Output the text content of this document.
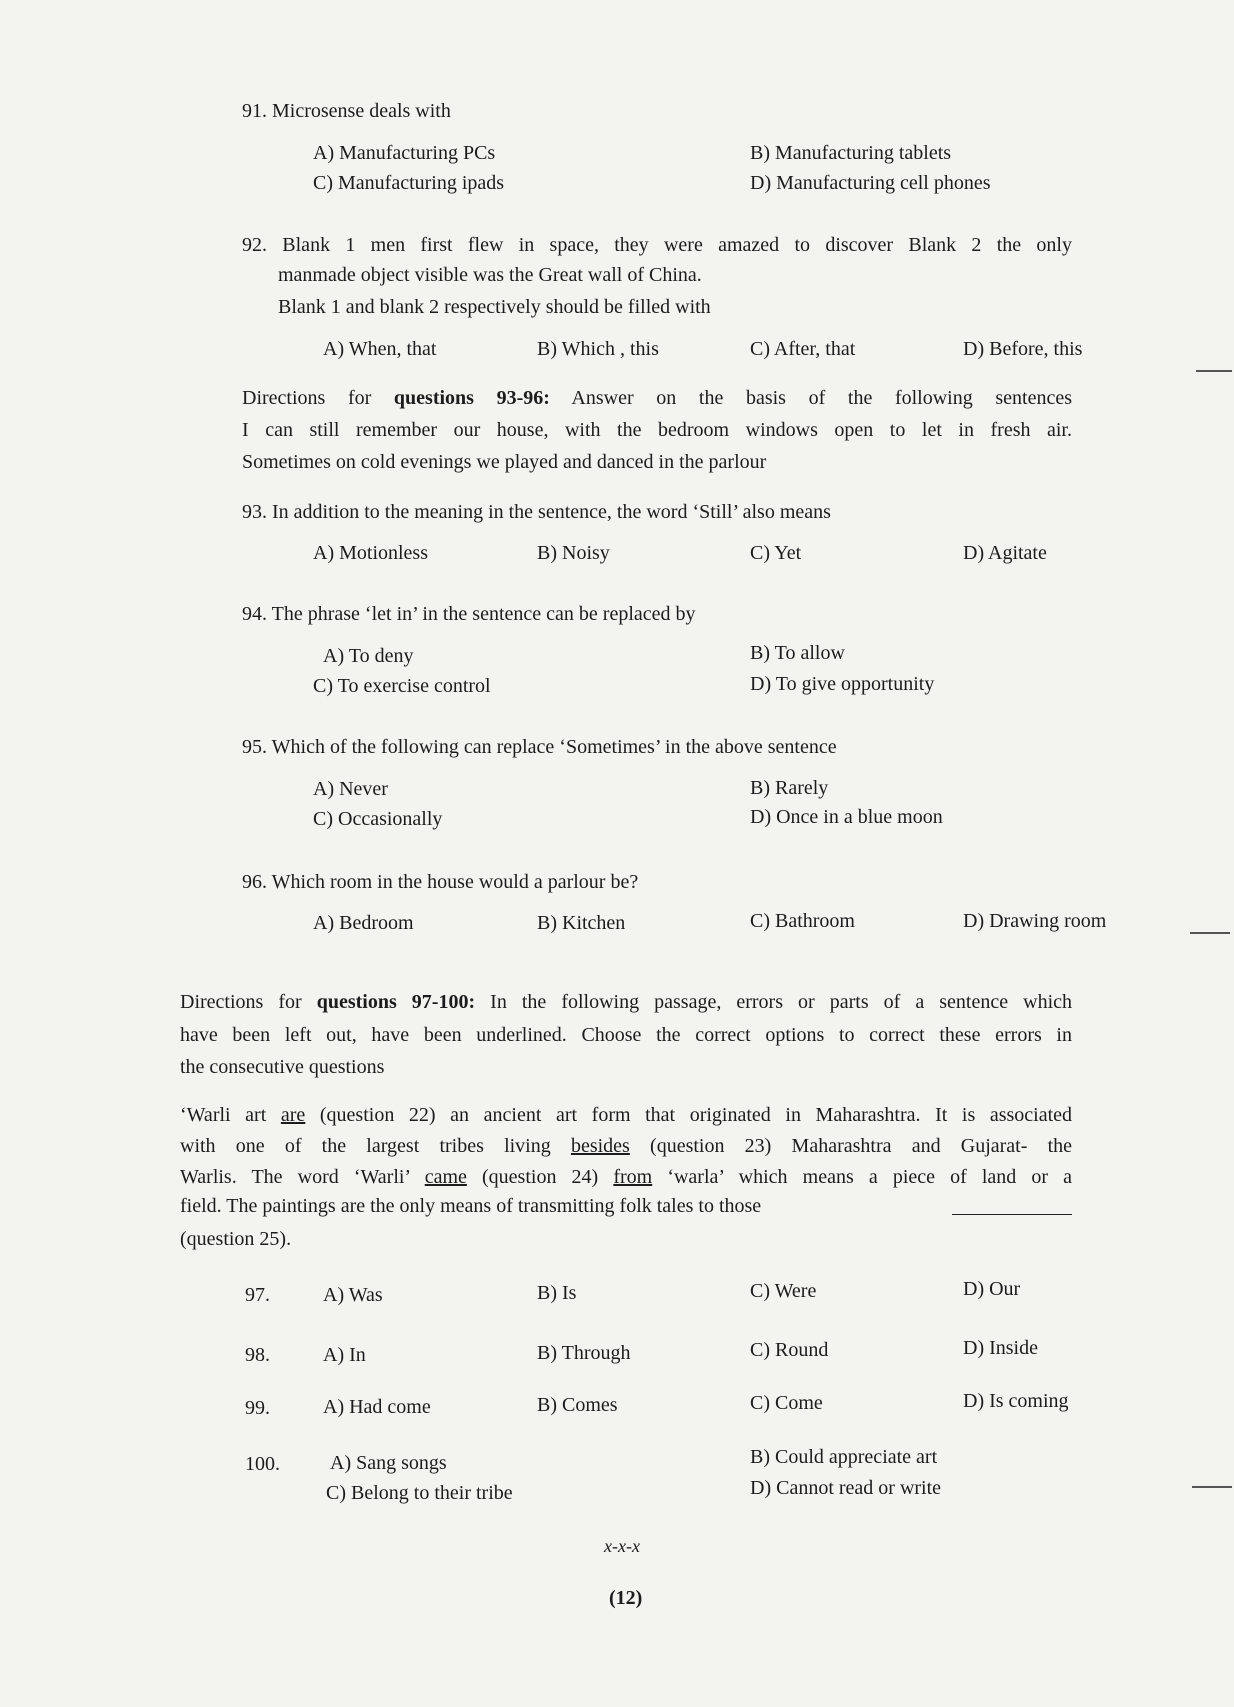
91. Microsense deals with
A) Manufacturing PCs	B) Manufacturing tablets
C) Manufacturing ipads	D) Manufacturing cell phones
92. Blank 1 men first flew in space, they were amazed to discover Blank 2 the only
manmade object visible was the Great wall of China.
Blank 1 and blank 2 respectively should be filled with
A) When, that	B) Which , this	C) After, that	D) Before, this
Directions for questions 93-96: Answer on the basis of the following sentences
I can still remember our house, with the bedroom windows open to let in fresh air.
Sometimes on cold evenings we played and danced in the parlour
93. In addition to the meaning in the sentence, the word ‘Still’ also means
A) Motionless	B) Noisy	C) Yet	D) Agitate
94. The phrase ‘let in’ in the sentence can be replaced by
A) To deny	B) To allow
C) To exercise control	D) To give opportunity
95. Which of the following can replace ‘Sometimes’ in the above sentence
A) Never	B) Rarely
C) Occasionally	D) Once in a blue moon
96. Which room in the house would a parlour be?
A) Bedroom	B) Kitchen	C) Bathroom	D) Drawing room
Directions for questions 97-100: In the following passage, errors or parts of a sentence which
have been left out, have been underlined. Choose the correct options to correct these errors in
the consecutive questions
‘Warli art are (question 22) an ancient art form that originated in Maharashtra. It is associated
with one of the largest tribes living besides (question 23) Maharashtra and Gujarat- the
Warlis. The word ‘Warli’ came (question 24) from ‘warla’ which means a piece of land or a
field. The paintings are the only means of transmitting folk tales to those
(question 25).
97.	A) Was	B) Is	C) Were	D) Our
98.	A) In	B) Through	C) Round	D) Inside
99.	A) Had come	B) Comes	C) Come	D) Is coming
100.	A) Sang songs	B) Could appreciate art
C) Belong to their tribe	D) Cannot read or write
x-x-x
(12)
